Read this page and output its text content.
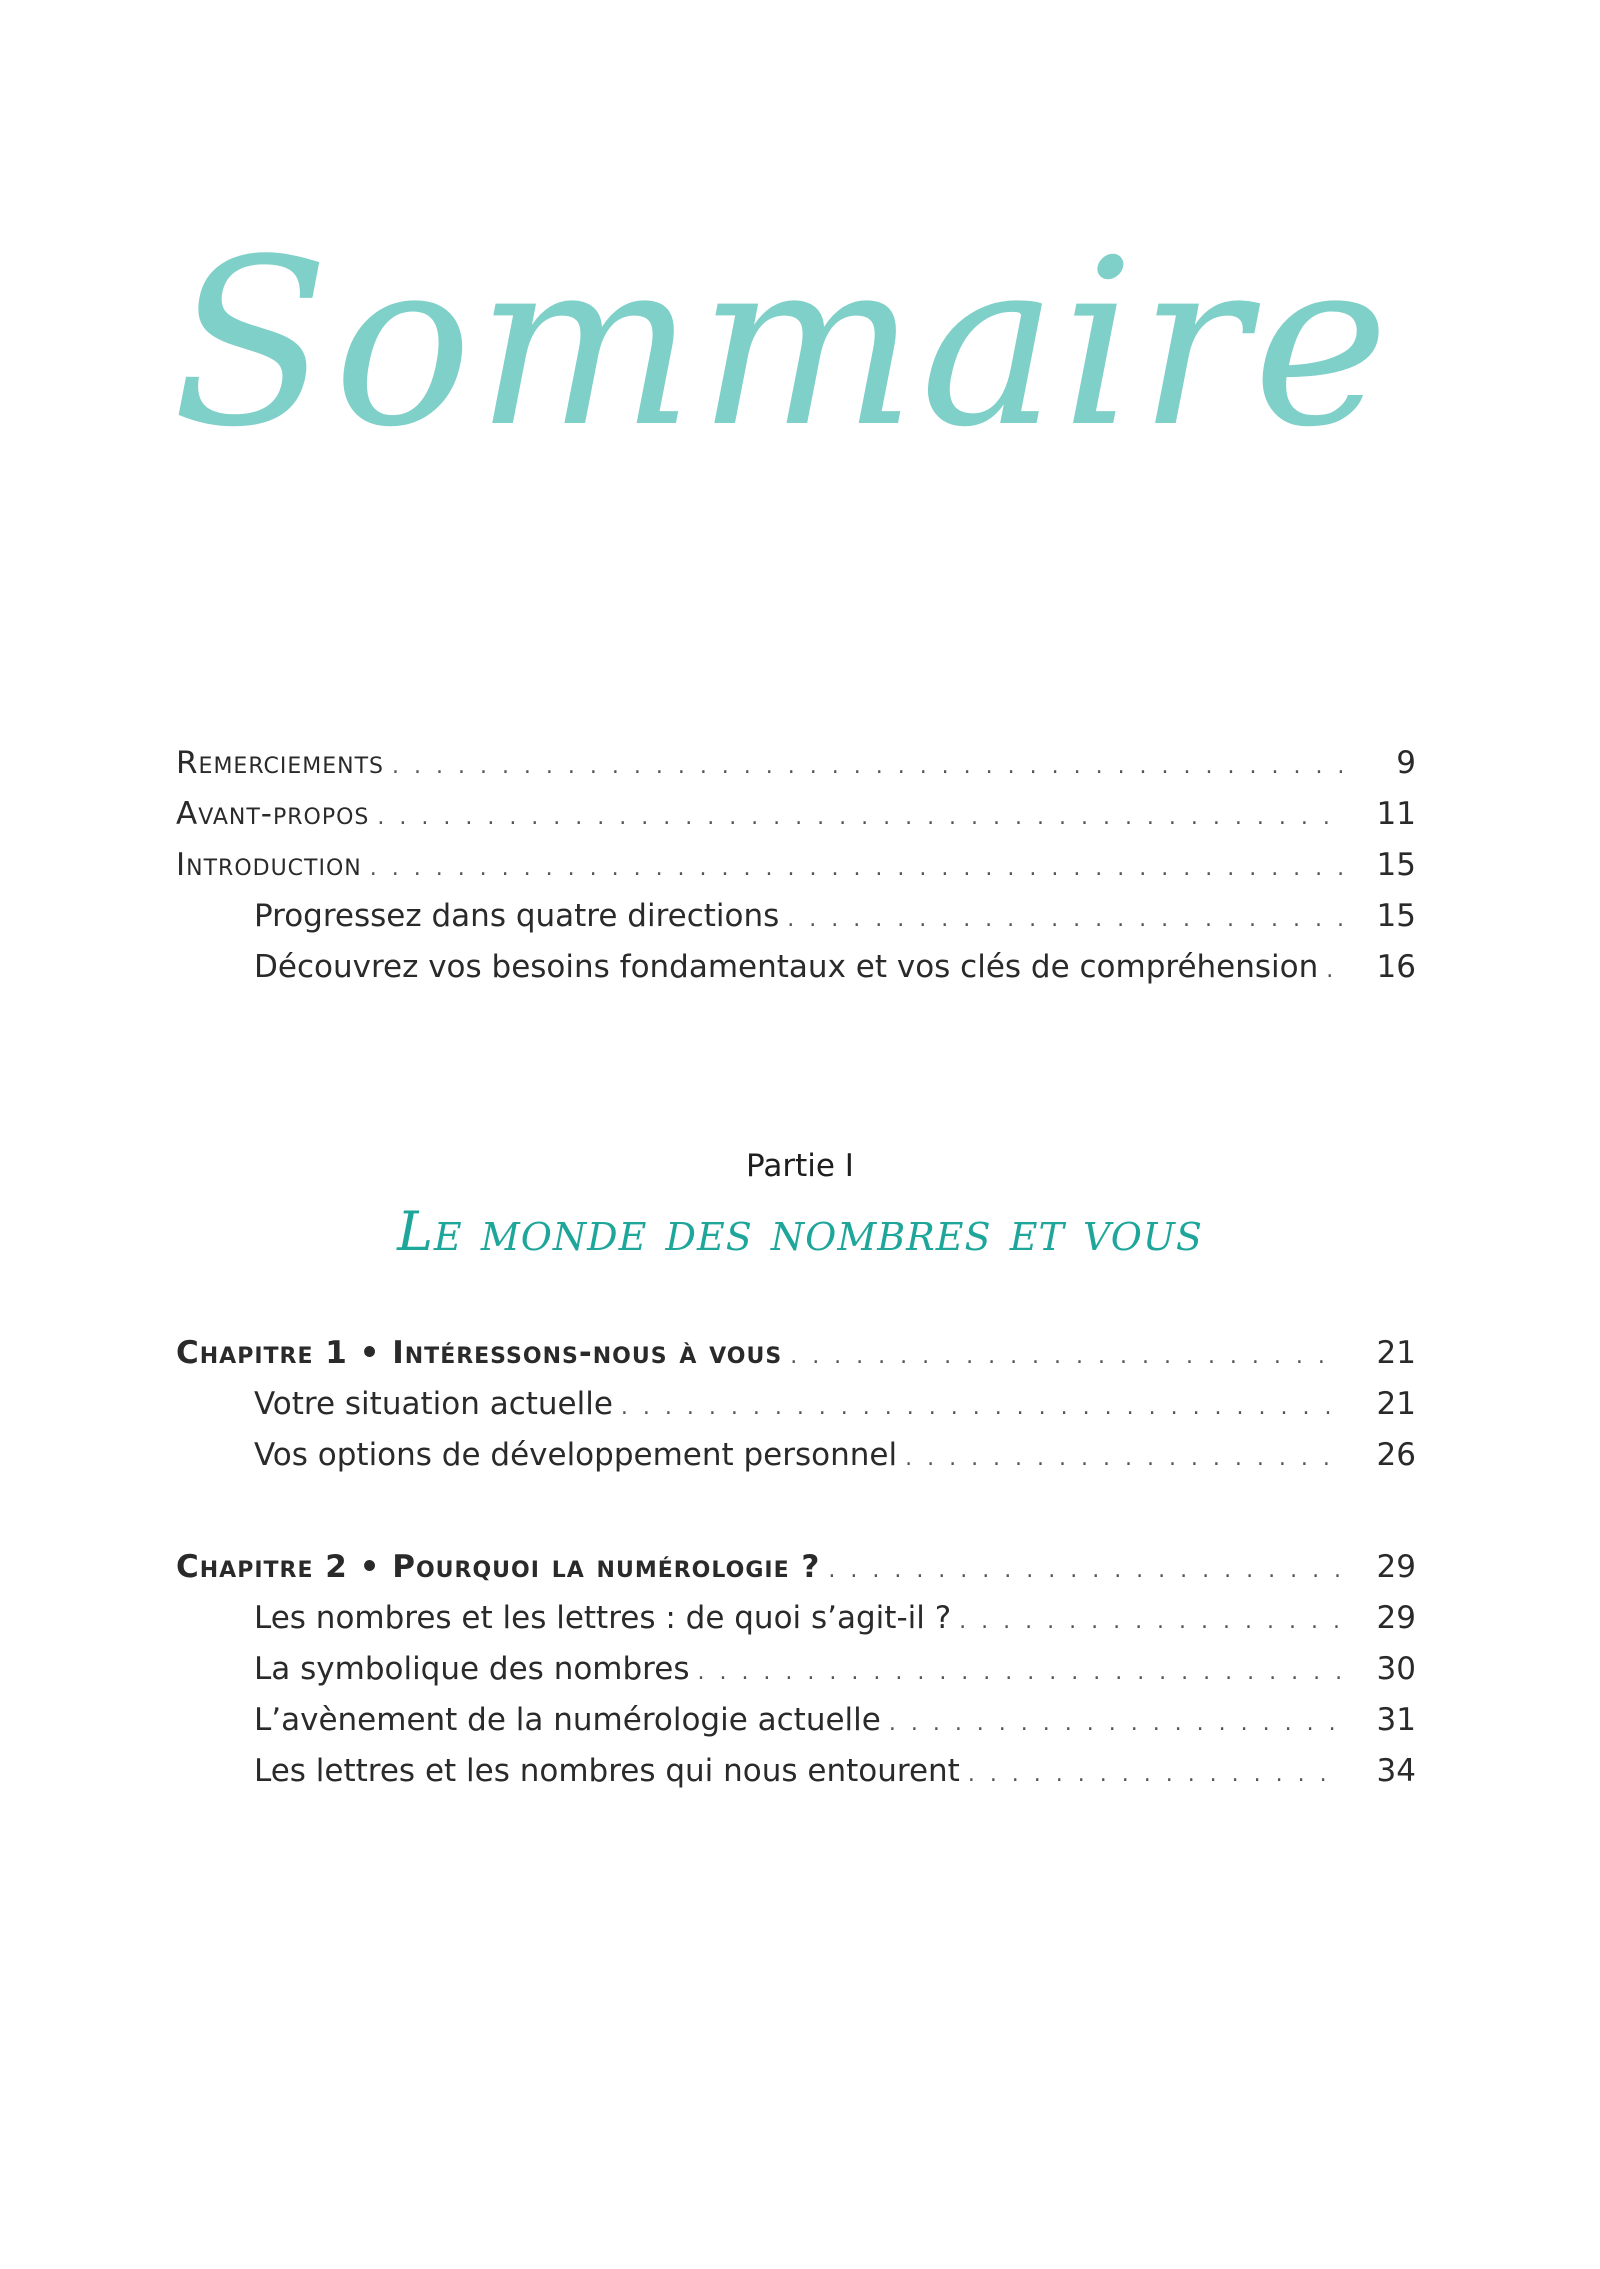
Sommaire
Remerciements . . .	9
Avant-propos . . .	11
Introduction . . .	15
Progressez dans quatre directions . . .	15
Découvrez vos besoins fondamentaux et vos clés de compréhension . . .	16
Partie I
Le monde des nombres et vous
Chapitre 1 • Intéressons-nous à vous . . .	21
Votre situation actuelle . . .	21
Vos options de développement personnel . . .	26
Chapitre 2 • Pourquoi la numérologie ? . . .	29
Les nombres et les lettres : de quoi s’agit-il ? . . .	29
La symbolique des nombres . . .	30
L’avènement de la numérologie actuelle . . .	31
Les lettres et les nombres qui nous entourent . . .	34
